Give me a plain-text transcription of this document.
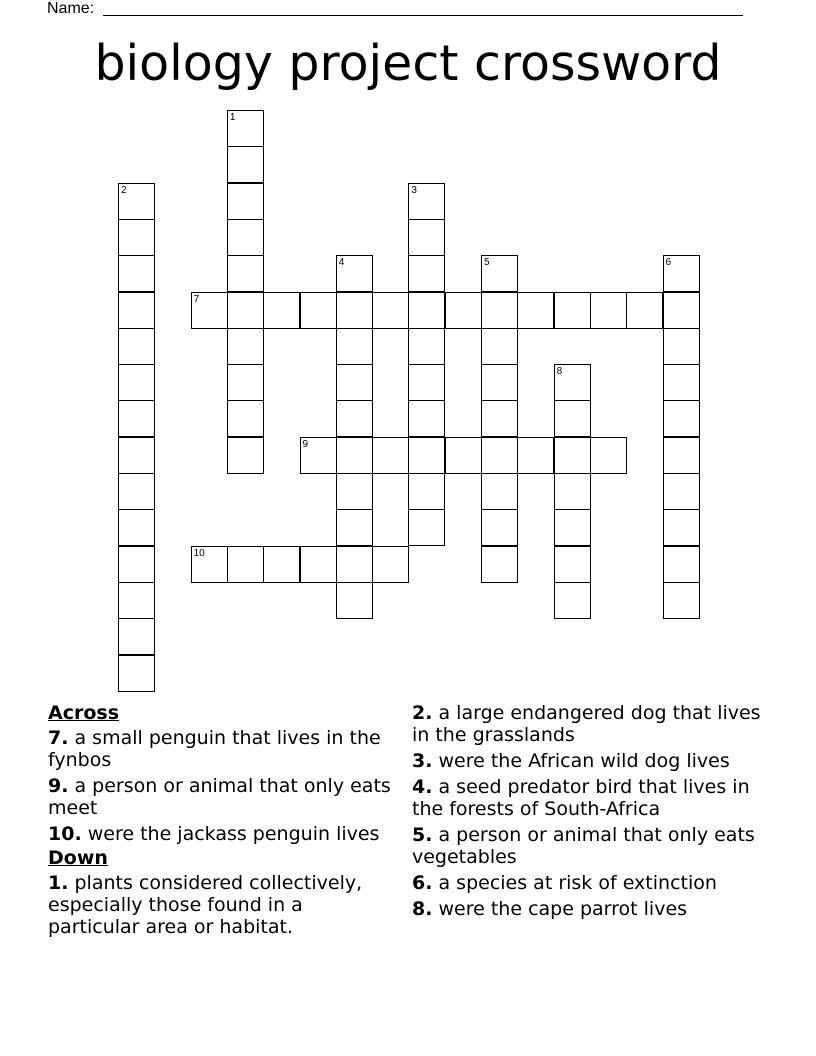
Name:
biology project crossword
1
2	3
4	5	6
7
8
9
10
Across
7. a small penguin that lives in the fynbos
9. a person or animal that only eats meet
10. were the jackass penguin lives
Down
1. plants considered collectively, especially those found in a particular area or habitat.
2. a large endangered dog that lives in the grasslands
3. were the African wild dog lives
4. a seed predator bird that lives in the forests of South-Africa
5. a person or animal that only eats vegetables
6. a species at risk of extinction
8. were the cape parrot lives
